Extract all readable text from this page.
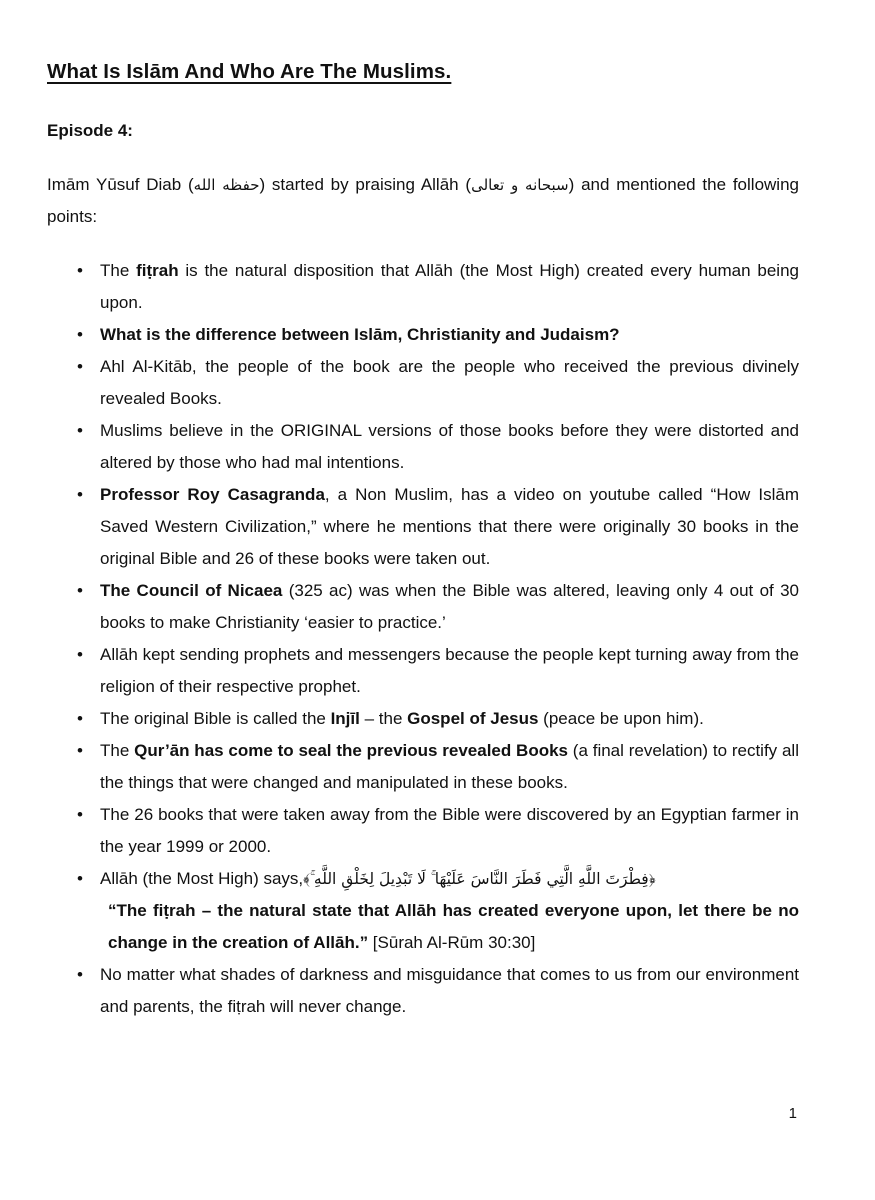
What Is Islām And Who Are The Muslims.
Episode 4:

Imām Yūsuf Diab (حفظه الله) started by praising Allāh (سبحانه و تعالى) and mentioned the following points:

• The fiṭrah is the natural disposition that Allāh (the Most High) created every human being upon.
• What is the difference between Islām, Christianity and Judaism?
• Ahl Al-Kitāb, the people of the book are the people who received the previous divinely revealed Books.
• Muslims believe in the ORIGINAL versions of those books before they were distorted and altered by those who had mal intentions.
• Professor Roy Casagranda, a Non Muslim, has a video on youtube called “How Islām Saved Western Civilization,” where he mentions that there were originally 30 books in the original Bible and 26 of these books were taken out.
• The Council of Nicaea (325 ac) was when the Bible was altered, leaving only 4 out of 30 books to make Christianity ‘easier to practice.’
• Allāh kept sending prophets and messengers because the people kept turning away from the religion of their respective prophet.
• The original Bible is called the Injīl – the Gospel of Jesus (peace be upon him).
• The Qur’ān has come to seal the previous revealed Books (a final revelation) to rectify all the things that were changed and manipulated in these books.
• The 26 books that were taken away from the Bible were discovered by an Egyptian farmer in the year 1999 or 2000.
• Allāh (the Most High) says,﴿فِطْرَتَ اللَّهِ الَّتِي فَطَرَ النَّاسَ عَلَيْهَا ۚ لَا تَبْدِيلَ لِخَلْقِ اللَّهِ ۚ﴾
“The fiṭrah – the natural state that Allāh has created everyone upon, let there be no change in the creation of Allāh.” [Sūrah Al-Rūm 30:30]
• No matter what shades of darkness and misguidance that comes to us from our environment and parents, the fiṭrah will never change.
1
